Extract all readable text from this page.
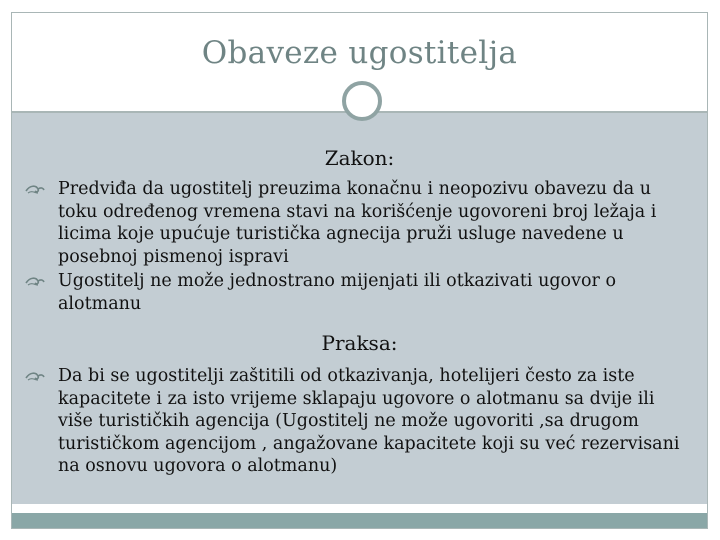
Obaveze ugostitelja
Zakon:
Predviđa da ugostitelj preuzima konačnu i neopozivu obavezu da u toku određenog vremena stavi na korišćenje ugovoreni broj ležaja i licima koje upućuje turistička agnecija pruži usluge navedene u posebnoj pismenoj ispravi
Ugostitelj ne može jednostrano mijenjati ili otkazivati ugovor o alotmanu
Praksa:
Da bi se ugostitelji zaštitili od otkazivanja, hotelijeri često za iste kapacitete i za isto vrijeme sklapaju ugovore o alotmanu sa dvije ili više turističkih agencija (Ugostitelj ne može ugovoriti ,sa drugom turističkom agencijom , angažovane kapacitete koji su već rezervisani na osnovu ugovora o alotmanu)
